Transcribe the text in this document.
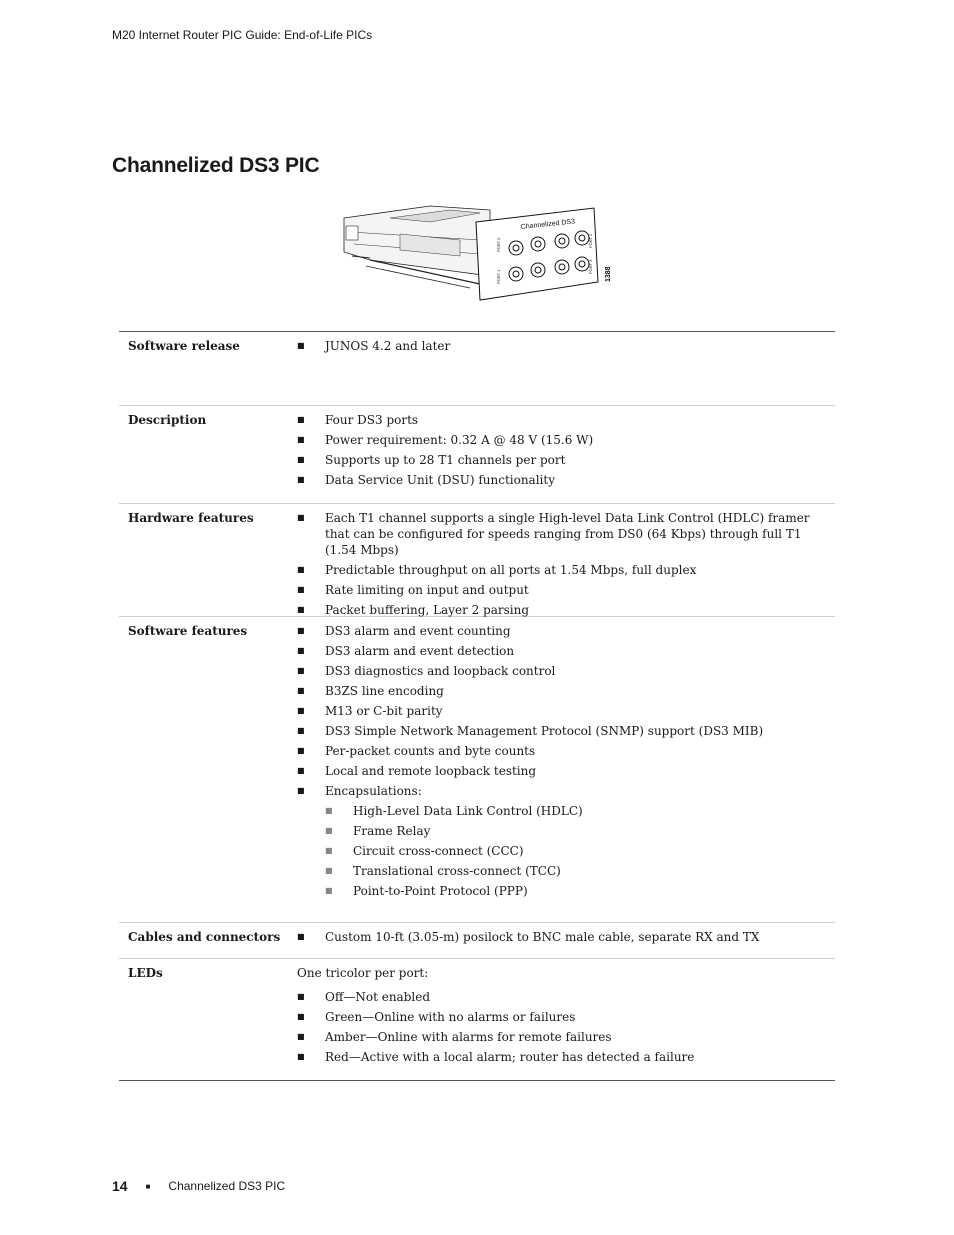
M20 Internet Router PIC Guide: End-of-Life PICs
Channelized DS3 PIC
Channelized DS3
PORT 0
PORT 1
PORT 2
PORT 3 1388
Software release	■	JUNOS 4.2 and later
Description	■	Four DS3 ports
■	Power requirement: 0.32 A @ 48 V (15.6 W)
■	Supports up to 28 T1 channels per port
■	Data Service Unit (DSU) functionality
Hardware features	■	Each T1 channel supports a single High-level Data Link Control (HDLC) framer that can be configured for speeds ranging from DS0 (64 Kbps) through full T1 (1.54 Mbps)
■	Predictable throughput on all ports at 1.54 Mbps, full duplex
■	Rate limiting on input and output
■	Packet buffering, Layer 2 parsing
Software features	■	DS3 alarm and event counting
■	DS3 alarm and event detection
■	DS3 diagnostics and loopback control
■	B3ZS line encoding
■	M13 or C-bit parity
■	DS3 Simple Network Management Protocol (SNMP) support (DS3 MIB)
■	Per-packet counts and byte counts
■	Local and remote loopback testing
■	Encapsulations:
■	High-Level Data Link Control (HDLC)
■	Frame Relay
■	Circuit cross-connect (CCC)
■	Translational cross-connect (TCC)
■	Point-to-Point Protocol (PPP)
Cables and connectors	■	Custom 10-ft (3.05-m) posilock to BNC male cable, separate RX and TX
LEDs	One tricolor per port:
■	Off—Not enabled
■	Green—Online with no alarms or failures
■	Amber—Online with alarms for remote failures
■	Red—Active with a local alarm; router has detected a failure
14 ■ Channelized DS3 PIC
